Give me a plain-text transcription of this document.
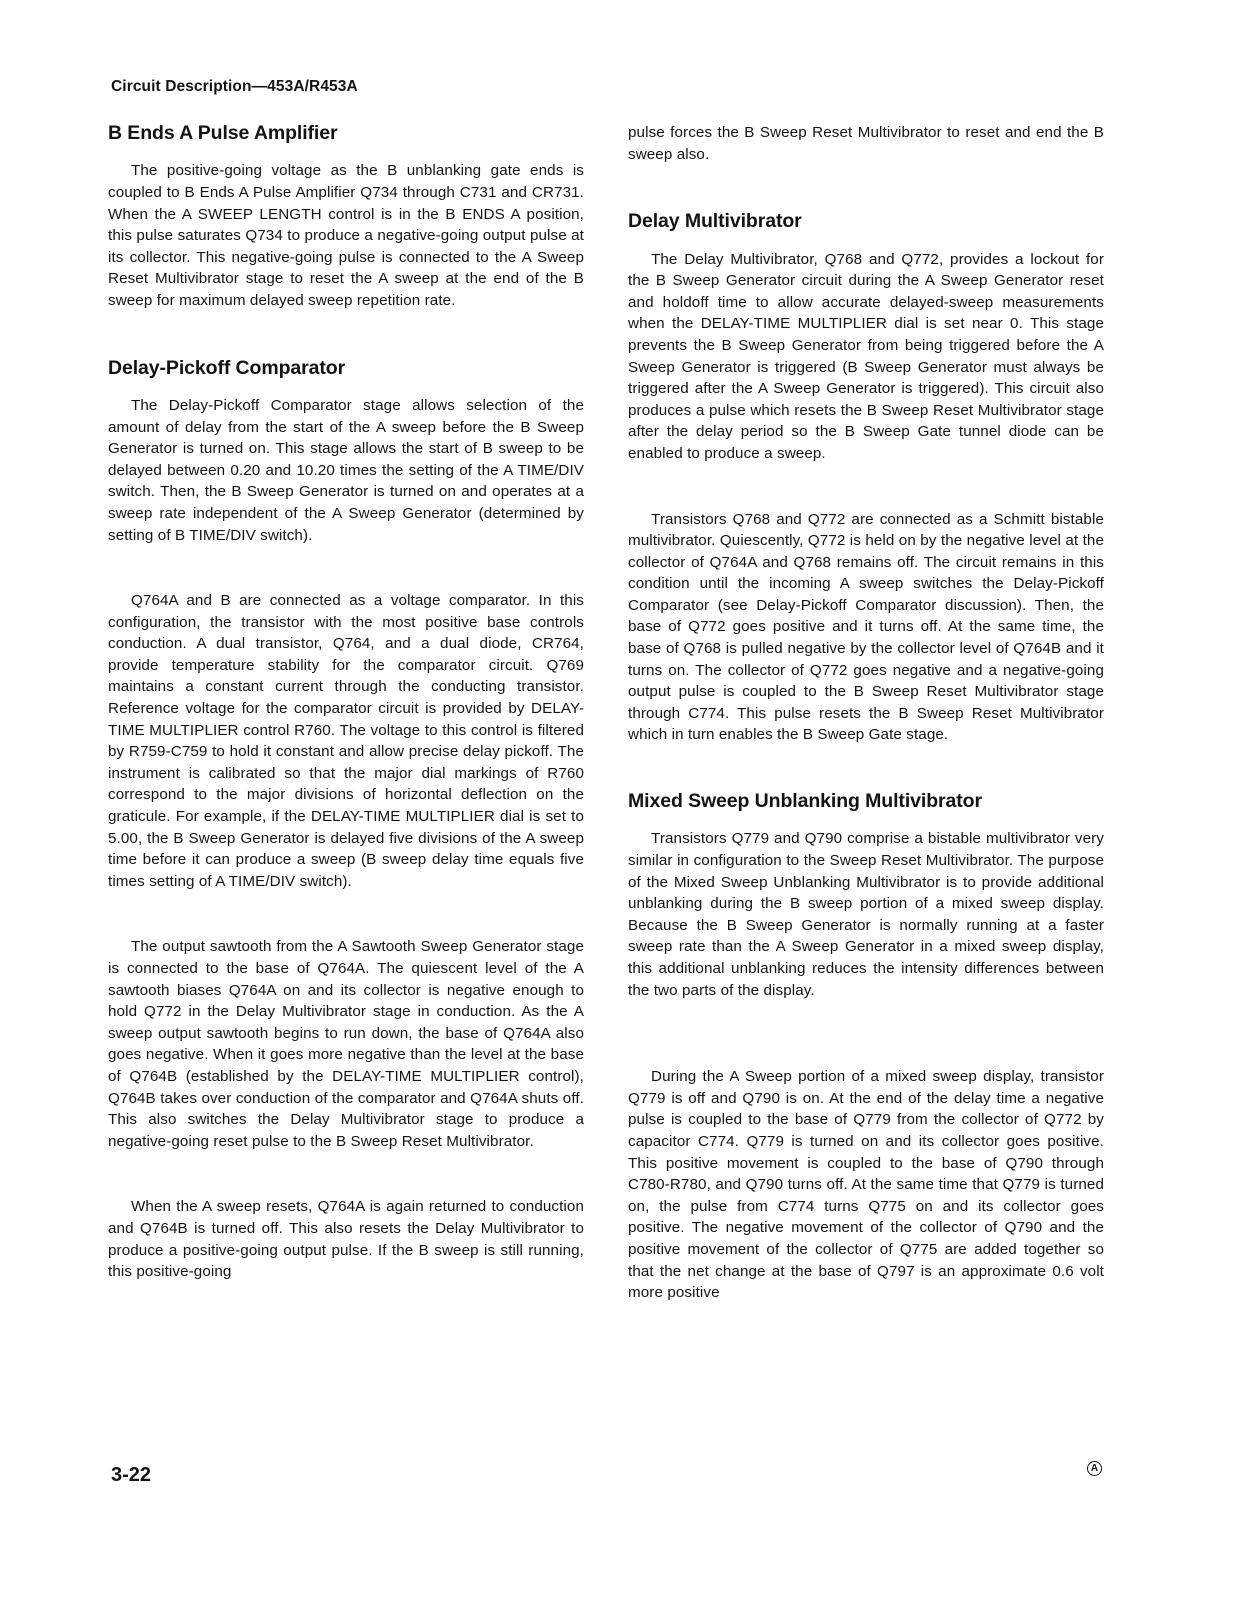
Circuit Description—453A/R453A
B Ends A Pulse Amplifier

The positive-going voltage as the B unblanking gate ends is coupled to B Ends A Pulse Amplifier Q734 through C731 and CR731. When the A SWEEP LENGTH control is in the B ENDS A position, this pulse saturates Q734 to produce a negative-going output pulse at its collector. This negative-going pulse is connected to the A Sweep Reset Multivibrator stage to reset the A sweep at the end of the B sweep for maximum delayed sweep repetition rate.

Delay-Pickoff Comparator

The Delay-Pickoff Comparator stage allows selection of the amount of delay from the start of the A sweep before the B Sweep Generator is turned on. This stage allows the start of B sweep to be delayed between 0.20 and 10.20 times the setting of the A TIME/DIV switch. Then, the B Sweep Generator is turned on and operates at a sweep rate independent of the A Sweep Generator (determined by setting of B TIME/DIV switch).

Q764A and B are connected as a voltage comparator. In this configuration, the transistor with the most positive base controls conduction. A dual transistor, Q764, and a dual diode, CR764, provide temperature stability for the comparator circuit. Q769 maintains a constant current through the conducting transistor. Reference voltage for the comparator circuit is provided by DELAY-TIME MULTIPLIER control R760. The voltage to this control is filtered by R759-C759 to hold it constant and allow precise delay pickoff. The instrument is calibrated so that the major dial markings of R760 correspond to the major divisions of horizontal deflection on the graticule. For example, if the DELAY-TIME MULTIPLIER dial is set to 5.00, the B Sweep Generator is delayed five divisions of the A sweep time before it can produce a sweep (B sweep delay time equals five times setting of A TIME/DIV switch).

The output sawtooth from the A Sawtooth Sweep Generator stage is connected to the base of Q764A. The quiescent level of the A sawtooth biases Q764A on and its collector is negative enough to hold Q772 in the Delay Multivibrator stage in conduction. As the A sweep output sawtooth begins to run down, the base of Q764A also goes negative. When it goes more negative than the level at the base of Q764B (established by the DELAY-TIME MULTIPLIER control), Q764B takes over conduction of the comparator and Q764A shuts off. This also switches the Delay Multivibrator stage to produce a negative-going reset pulse to the B Sweep Reset Multivibrator.

When the A sweep resets, Q764A is again returned to conduction and Q764B is turned off. This also resets the Delay Multivibrator to produce a positive-going output pulse. If the B sweep is still running, this positive-going

pulse forces the B Sweep Reset Multivibrator to reset and end the B sweep also.

Delay Multivibrator

The Delay Multivibrator, Q768 and Q772, provides a lockout for the B Sweep Generator circuit during the A Sweep Generator reset and holdoff time to allow accurate delayed-sweep measurements when the DELAY-TIME MULTIPLIER dial is set near 0. This stage prevents the B Sweep Generator from being triggered before the A Sweep Generator is triggered (B Sweep Generator must always be triggered after the A Sweep Generator is triggered). This circuit also produces a pulse which resets the B Sweep Reset Multivibrator stage after the delay period so the B Sweep Gate tunnel diode can be enabled to produce a sweep.

Transistors Q768 and Q772 are connected as a Schmitt bistable multivibrator. Quiescently, Q772 is held on by the negative level at the collector of Q764A and Q768 remains off. The circuit remains in this condition until the incoming A sweep switches the Delay-Pickoff Comparator (see Delay-Pickoff Comparator discussion). Then, the base of Q772 goes positive and it turns off. At the same time, the base of Q768 is pulled negative by the collector level of Q764B and it turns on. The collector of Q772 goes negative and a negative-going output pulse is coupled to the B Sweep Reset Multivibrator stage through C774. This pulse resets the B Sweep Reset Multivibrator which in turn enables the B Sweep Gate stage.

Mixed Sweep Unblanking Multivibrator

Transistors Q779 and Q790 comprise a bistable multivibrator very similar in configuration to the Sweep Reset Multivibrator. The purpose of the Mixed Sweep Unblanking Multivibrator is to provide additional unblanking during the B sweep portion of a mixed sweep display. Because the B Sweep Generator is normally running at a faster sweep rate than the A Sweep Generator in a mixed sweep display, this additional unblanking reduces the intensity differences between the two parts of the display.

During the A Sweep portion of a mixed sweep display, transistor Q779 is off and Q790 is on. At the end of the delay time a negative pulse is coupled to the base of Q779 from the collector of Q772 by capacitor C774. Q779 is turned on and its collector goes positive. This positive movement is coupled to the base of Q790 through C780-R780, and Q790 turns off. At the same time that Q779 is turned on, the pulse from C774 turns Q775 on and its collector goes positive. The negative movement of the collector of Q790 and the positive movement of the collector of Q775 are added together so that the net change at the base of Q797 is an approximate 0.6 volt more positive

3-22	A
